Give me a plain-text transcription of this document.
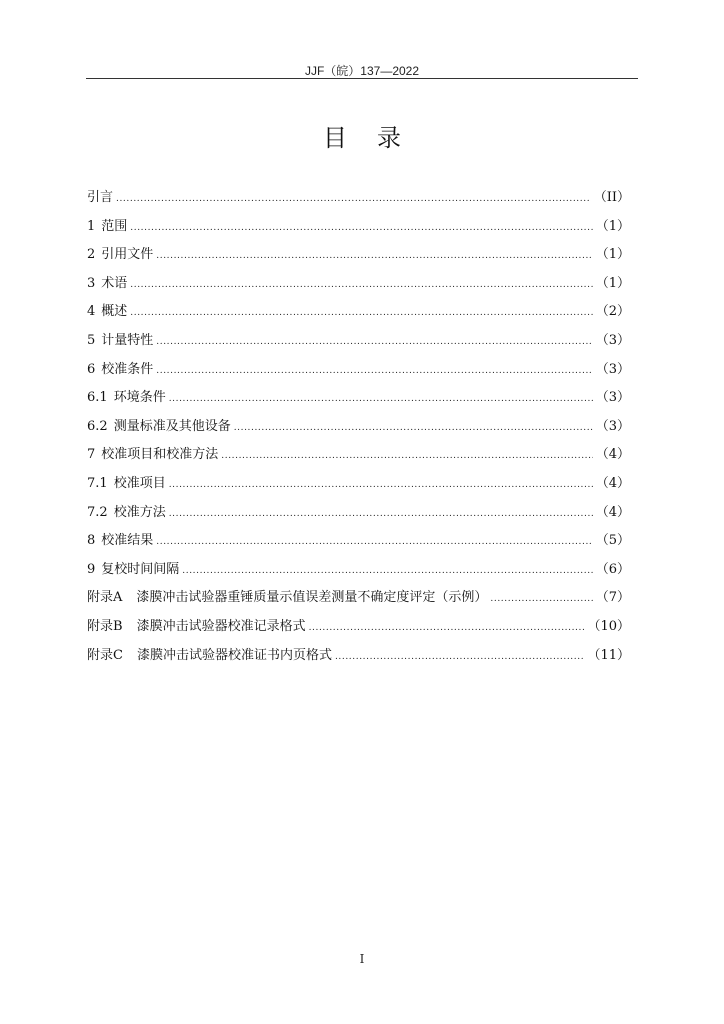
JJF（皖）137—2022
目录
引言 .....	（II）
1 范围 .....	（1）
2 引用文件 .....	（1）
3 术语 .....	（1）
4 概述 .....	（2）
5 计量特性 .....	（3）
6 校准条件 .....	（3）
6.1 环境条件 .....	（3）
6.2 测量标准及其他设备 .....	（3）
7 校准项目和校准方法 .....	（4）
7.1 校准项目 .....	（4）
7.2 校准方法 .....	（4）
8 校准结果 .....	（5）
9 复校时间间隔 .....	（6）
附录A 漆膜冲击试验器重锤质量示值误差测量不确定度评定（示例） .....	（7）
附录B 漆膜冲击试验器校准记录格式 .....	（10）
附录C 漆膜冲击试验器校准证书内页格式 .....	（11）
I
